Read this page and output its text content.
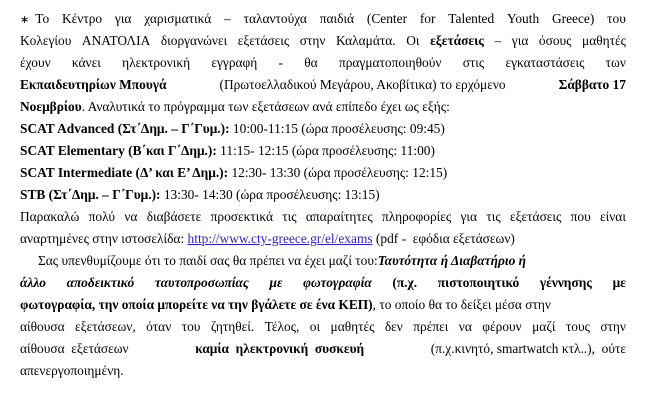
∗ Το Κέντρο για χαρισματικά – ταλαντούχα παιδιά (Center for Talented Youth Greece) του
Κολεγίου ΑΝΑΤΟΛΙΑ διοργανώνει εξετάσεις στην Καλαμάτα. Οι εξετάσεις – για όσους μαθητές
έχουν κάνει ηλεκτρονική εγγραφή - θα πραγματοποιηθούν στις εγκαταστάσεις των
Εκπαιδευτηρίων Μπουγά	(Πρωτοελλαδικού Μεγάρου, Ακοβίτικα) το ερχόμενο	Σάββατο 17
Νοεμβρίου . Αναλυτικά το πρόγραμμα των εξετάσεων ανά επίπεδο έχει ως εξής:
SCAT Advanced (Στ΄Δημ. – Γ΄Γυμ.): 10:00-11:15 (ώρα προσέλευσης: 09:45)
SCAT Elementary (Β΄και Γ΄Δημ.): 11:15- 12:15 (ώρα προσέλευσης: 11:00)
SCAT Intermediate (Δ’ και Ε’ Δημ.): 12:30- 13:30 (ώρα προσέλευσης: 12:15)
STB (Στ΄Δημ. – Γ΄Γυμ.): 13:30- 14:30 (ώρα προσέλευσης: 13:15)
Παρακαλώ πολύ να διαβάσετε προσεκτικά τις απαραίτητες πληροφορίες για τις εξετάσεις που είναι
αναρτημένες στην ιστοσελίδα:
http://www.cty-greece.gr/el/exams (pdf -  εφόδια εξετάσεων)
Σας υπενθυμίζουμε ότι το παιδί σας θα πρέπει να έχει μαζί του: Ταυτότητα ή Διαβατήριο ή
άλλο αποδεικτικό ταυτοπροσωπίας με φωτογραφία (π.χ. πιστοποιητικό γέννησης με
φωτογραφία, την οποία μπορείτε να την βγάλετε σε ένα ΚΕΠ) , το οποίο θα το δείξει μέσα στην
αίθουσα εξετάσεων, όταν του ζητηθεί. Τέλος, οι μαθητές δεν πρέπει να φέρουν μαζί τους στην
αίθουσα  εξετάσεων	καμία  ηλεκτρονική  συσκευή	(π.χ.κινητό, smartwatch κτλ..),  ούτε
απενεργοποιημένη.
